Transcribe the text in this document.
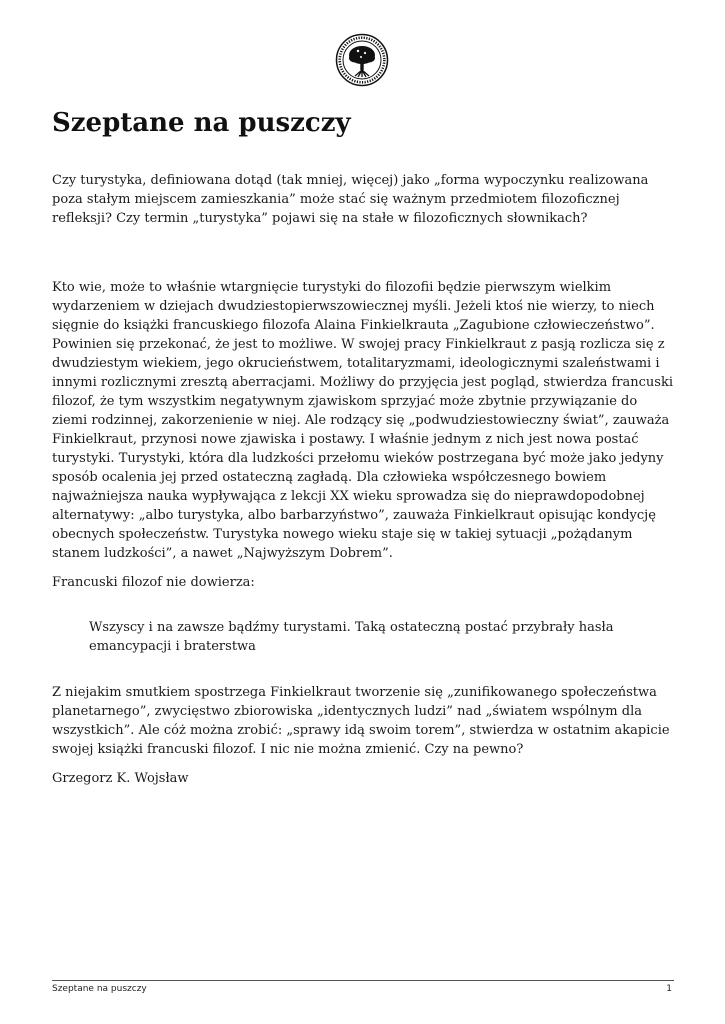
Szeptane na puszczy

Czy turystyka, definiowana dotąd (tak mniej, więcej) jako „forma wypoczynku realizowana poza stałym miejscem zamieszkania” może stać się ważnym przedmiotem filozoficznej refleksji? Czy termin „turystyka” pojawi się na stałe w filozoficznych słownikach?

Kto wie, może to właśnie wtargnięcie turystyki do filozofii będzie pierwszym wielkim wydarzeniem w dziejach dwudziestopierwszowiecznej myśli. Jeżeli ktoś nie wierzy, to niech sięgnie do książki francuskiego filozofa Alaina Finkielkrauta „Zagubione człowieczeństwo”. Powinien się przekonać, że jest to możliwe. W swojej pracy Finkielkraut z pasją rozlicza się z dwudziestym wiekiem, jego okrucieństwem, totalitaryzmami, ideologicznymi szaleństwami i innymi rozlicznymi zresztą aberracjami. Możliwy do przyjęcia jest pogląd, stwierdza francuski filozof, że tym wszystkim negatywnym zjawiskom sprzyjać może zbytnie przywiązanie do ziemi rodzinnej, zakorzenienie w niej. Ale rodzący się „podwudziestowieczny świat”, zauważa Finkielkraut, przynosi nowe zjawiska i postawy. I właśnie jednym z nich jest nowa postać turystyki. Turystyki, która dla ludzkości przełomu wieków postrzegana być może jako jedyny sposób ocalenia jej przed ostateczną zagładą. Dla człowieka współczesnego bowiem najważniejsza nauka wypływająca z lekcji XX wieku sprowadza się do nieprawdopodobnej alternatywy: „albo turystyka, albo barbarzyństwo”, zauważa Finkielkraut opisując kondycję obecnych społeczeństw. Turystyka nowego wieku staje się w takiej sytuacji „pożądanym stanem ludzkości”, a nawet „Najwyższym Dobrem”.

Francuski filozof nie dowierza:

Wszyscy i na zawsze bądźmy turystami. Taką ostateczną postać przybrały hasła emancypacji i braterstwa

Z niejakim smutkiem spostrzega Finkielkraut tworzenie się „zunifikowanego społeczeństwa planetarnego”, zwycięstwo zbiorowiska „identycznych ludzi” nad „światem wspólnym dla wszystkich”. Ale cóż można zrobić: „sprawy idą swoim torem”, stwierdza w ostatnim akapicie swojej książki francuski filozof. I nic nie można zmienić. Czy na pewno?

Grzegorz K. Wojsław

Szeptane na puszczy	1
